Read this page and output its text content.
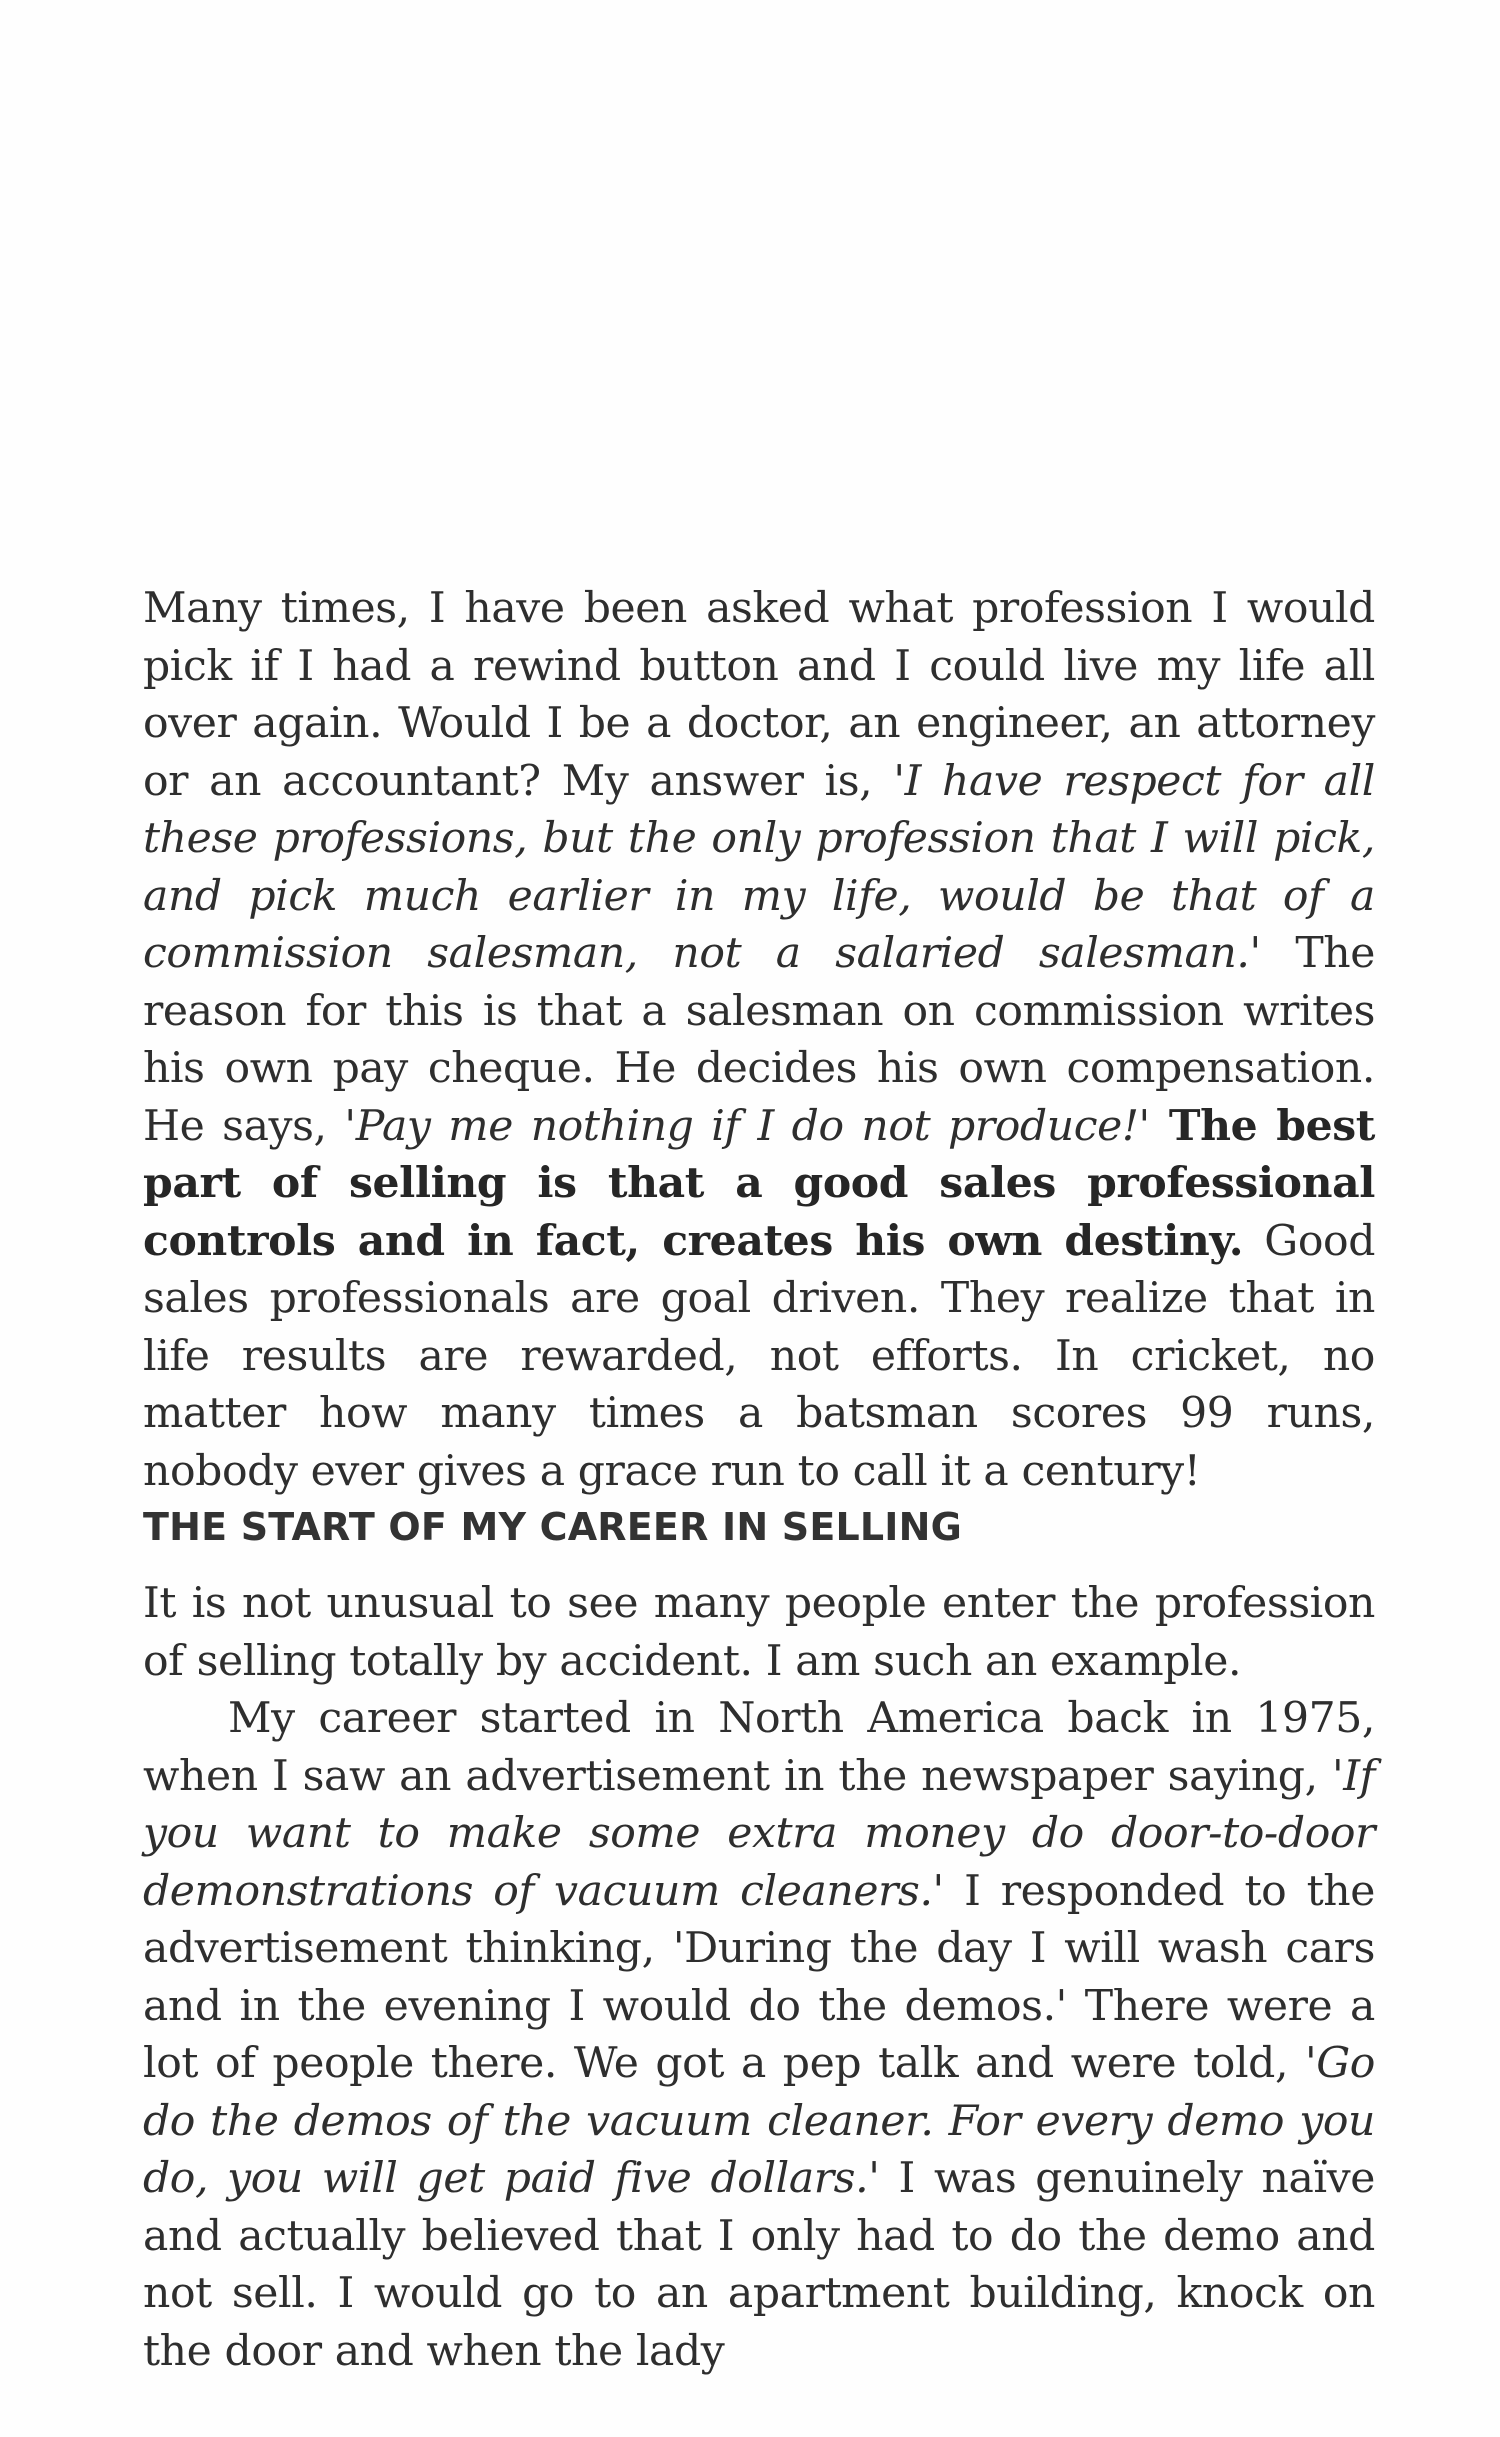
Many times, I have been asked what profession I would pick if I had a rewind button and I could live my life all over again. Would I be a doctor, an engineer, an attorney or an accountant? My answer is, 'I have respect for all these professions, but the only profession that I will pick, and pick much earlier in my life, would be that of a commission salesman, not a salaried salesman.' The reason for this is that a salesman on commission writes his own pay cheque. He decides his own compensation. He says, 'Pay me nothing if I do not produce!' The best part of selling is that a good sales professional controls and in fact, creates his own destiny. Good sales professionals are goal driven. They realize that in life results are rewarded, not efforts. In cricket, no matter how many times a batsman scores 99 runs, nobody ever gives a grace run to call it a century!

THE START OF MY CAREER IN SELLING

It is not unusual to see many people enter the profession of selling totally by accident. I am such an example.

My career started in North America back in 1975, when I saw an advertisement in the newspaper saying, 'If you want to make some extra money do door-to-door demonstrations of vacuum cleaners.' I responded to the advertisement thinking, 'During the day I will wash cars and in the evening I would do the demos.' There were a lot of people there. We got a pep talk and were told, 'Go do the demos of the vacuum cleaner. For every demo you do, you will get paid five dollars.' I was genuinely naïve and actually believed that I only had to do the demo and not sell. I would go to an apartment building, knock on the door and when the lady
